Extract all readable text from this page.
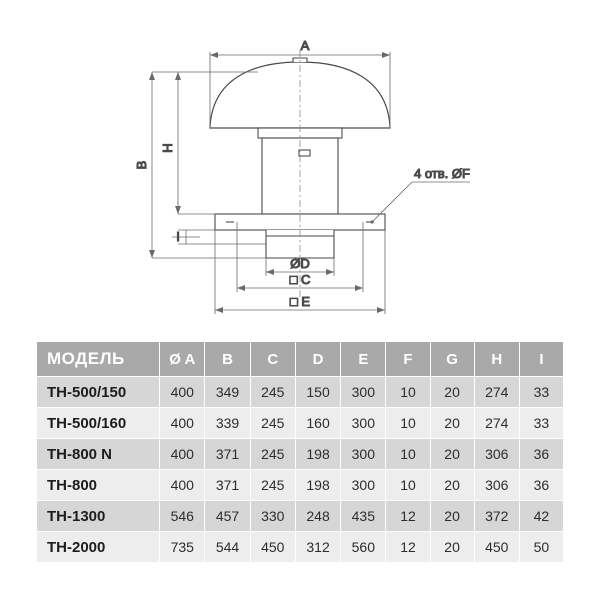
A
H
B
I
ØD
□ C
□ E
4 отв. ØF
МОДЕЛЬ	Ø A	B	C	D	E	F	G	H	I
ТН-500/150	400	349	245	150	300	10	20	274	33
ТН-500/160	400	339	245	160	300	10	20	274	33
ТН-800 N	400	371	245	198	300	10	20	306	36
ТН-800	400	371	245	198	300	10	20	306	36
ТН-1300	546	457	330	248	435	12	20	372	42
ТН-2000	735	544	450	312	560	12	20	450	50
